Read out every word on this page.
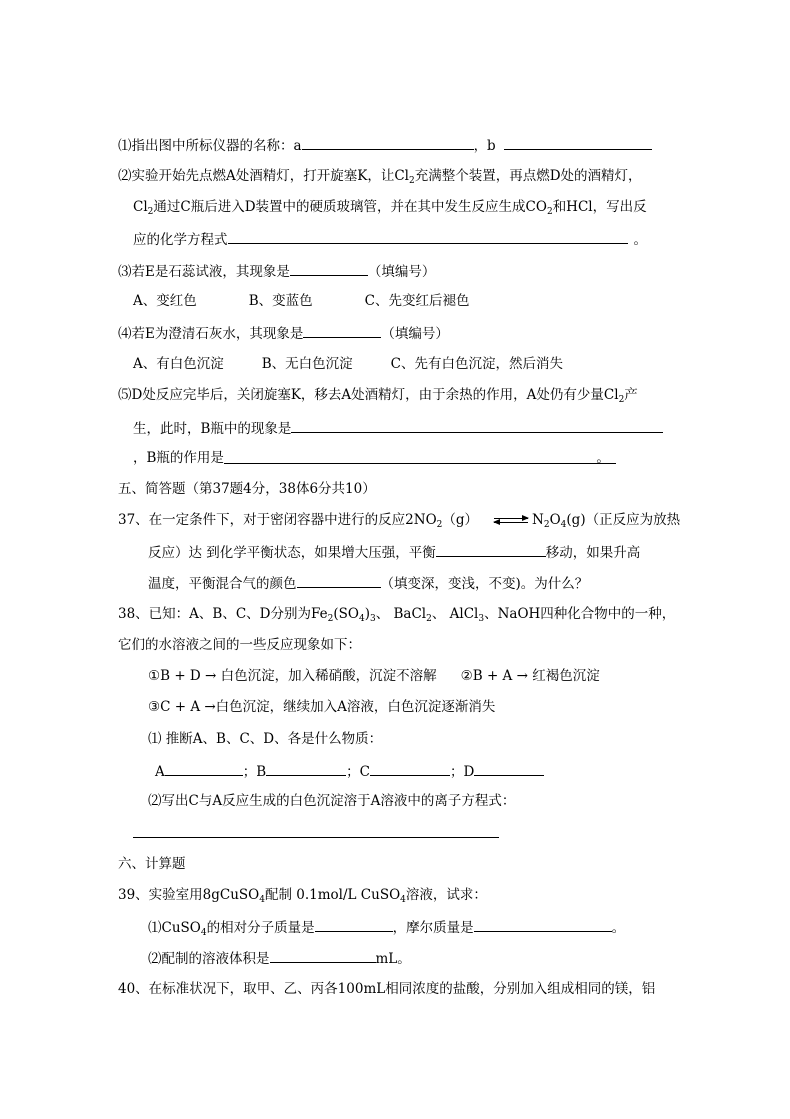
⑴指出图中所标仪器的名称：a	，b
⑵实验开始先点燃A处酒精灯，打开旋塞K，让$Cl_2$充满整个装置，再点燃D处的酒精灯，
$Cl_2$通过C瓶后进入D装置中的硬质玻璃管，并在其中发生反应生成$CO_2$和HCl，写出反
应的化学方程式	。
⑶若E是石蕊试液，其现象是	（填编号）
A、变红色	B、变蓝色	C、先变红后褪色
⑷若E为澄清石灰水，其现象是	（填编号）
A、有白色沉淀	B、无白色沉淀	C、先有白色沉淀，然后消失
⑸D处反应完毕后，关闭旋塞K，移去A处酒精灯，由于余热的作用，A处仍有少量$Cl_2$产
生，此时，B瓶中的现象是
，B瓶的作用是	。
五、简答题（第37题4分，38体6分共10）
37、在一定条件下，对于密闭容器中进行的反应$2NO_2(g)$ ⇌ $N_2O_4(g)$（正反应为放热
反应）达 到化学平衡状态，如果增大压强，平衡	移动，如果升高
温度，平衡混合气的颜色	（填变深，变浅，不变)。为什么？
38、已知：A、B、C、D分别为$Fe_2(SO_4)_3$、 BaCl$_2$、 AlCl$_3$、NaOH四种化合物中的一种，
它们的水溶液之间的一些反应现象如下：
①B + D → 白色沉淀，加入稀硝酸，沉淀不溶解 ②B + A → 红褐色沉淀
③C + A →白色沉淀，继续加入A溶液，白色沉淀逐渐消失
⑴ 推断A、B、C、D、各是什么物质：
A	；B	；C	；D
⑵写出C与A反应生成的白色沉淀溶于A溶液中的离子方程式：
六、计算题
39、实验室用8gCuSO$_4$配制 0.1mol/L CuSO$_4$溶液，试求：
⑴CuSO$_4$的相对分子质量是	，摩尔质量是	。
⑵配制的溶液体积是	mL。
40、在标准状况下，取甲、乙、丙各100mL相同浓度的盐酸，分别加入组成相同的镁，铝
